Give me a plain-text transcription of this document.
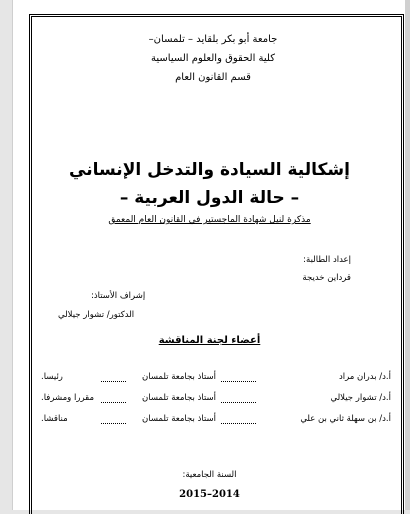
جامعة أبو بكر بلقايد – تلمسان–
كلية الحقوق والعلوم السياسية
قسم القانون العام
إشكالية السيادة والتدخل الإنساني
– حالة الدول العربية –
مذكرة لنيل شهادة الماجستير في القانون العام المعمق
إعداد الطالبة:
قرداين خديجة
إشراف الأستاذ:
الدكتور/ تشوار جيلالي
أعضاء لجنة المناقشة
أ.د/ بدران مراد
أستاذ بجامعة تلمسان
رئيسا.
أ.د/ تشوار جيلالي
أستاذ بجامعة تلمسان
مقررا ومشرفا.
أ.د/ بن سهلة ثاني بن علي
أستاذ بجامعة تلمسان
مناقشا.
السنة الجامعية:
2015–2014
